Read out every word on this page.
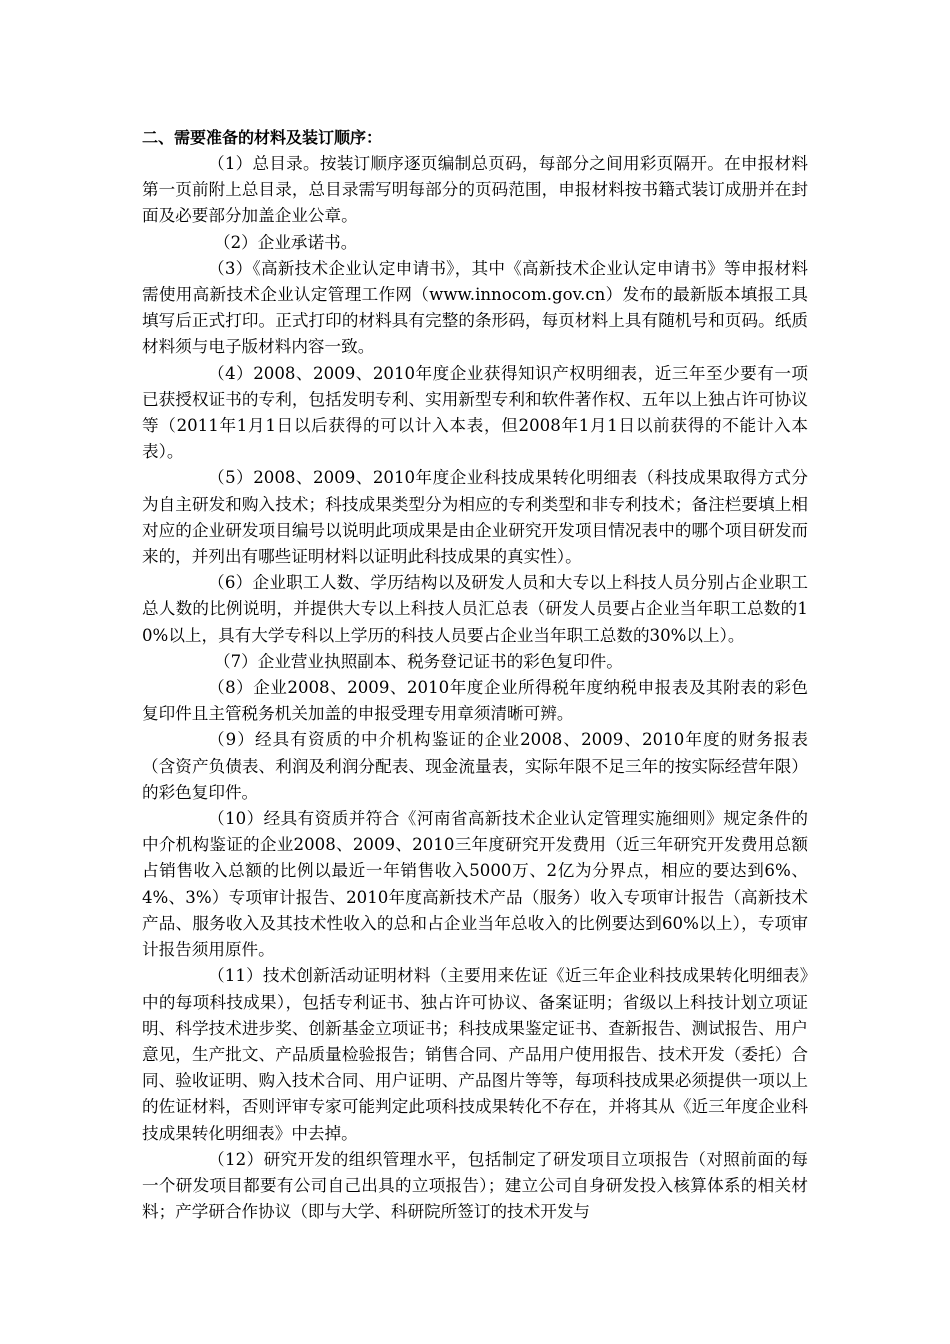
二、需要准备的材料及装订顺序：

（1）总目录。按装订顺序逐页编制总页码，每部分之间用彩页隔开。在申报材料第一页前附上总目录，总目录需写明每部分的页码范围，申报材料按书籍式装订成册并在封面及必要部分加盖企业公章。

（2）企业承诺书。

（3）《高新技术企业认定申请书》，其中《高新技术企业认定申请书》等申报材料需使用高新技术企业认定管理工作网（www.innocom.gov.cn）发布的最新版本填报工具填写后正式打印。正式打印的材料具有完整的条形码，每页材料上具有随机号和页码。纸质材料须与电子版材料内容一致。

（4）2008、2009、2010年度企业获得知识产权明细表，近三年至少要有一项已获授权证书的专利，包括发明专利、实用新型专利和软件著作权、五年以上独占许可协议等（2011年1月1日以后获得的可以计入本表，但2008年1月1日以前获得的不能计入本表）。

（5）2008、2009、2010年度企业科技成果转化明细表（科技成果取得方式分为自主研发和购入技术；科技成果类型分为相应的专利类型和非专利技术；备注栏要填上相对应的企业研发项目编号以说明此项成果是由企业研究开发项目情况表中的哪个项目研发而来的，并列出有哪些证明材料以证明此科技成果的真实性）。

（6）企业职工人数、学历结构以及研发人员和大专以上科技人员分别占企业职工总人数的比例说明，并提供大专以上科技人员汇总表（研发人员要占企业当年职工总数的10%以上，具有大学专科以上学历的科技人员要占企业当年职工总数的30%以上）。

（7）企业营业执照副本、税务登记证书的彩色复印件。

（8）企业2008、2009、2010年度企业所得税年度纳税申报表及其附表的彩色复印件且主管税务机关加盖的申报受理专用章须清晰可辨。

（9）经具有资质的中介机构鉴证的企业2008、2009、2010年度的财务报表（含资产负债表、利润及利润分配表、现金流量表，实际年限不足三年的按实际经营年限）的彩色复印件。

（10）经具有资质并符合《河南省高新技术企业认定管理实施细则》规定条件的中介机构鉴证的企业2008、2009、2010三年度研究开发费用（近三年研究开发费用总额占销售收入总额的比例以最近一年销售收入5000万、2亿为分界点，相应的要达到6%、4%、3%）专项审计报告、2010年度高新技术产品（服务）收入专项审计报告（高新技术产品、服务收入及其技术性收入的总和占企业当年总收入的比例要达到60%以上），专项审计报告须用原件。

（11）技术创新活动证明材料（主要用来佐证《近三年企业科技成果转化明细表》中的每项科技成果），包括专利证书、独占许可协议、备案证明；省级以上科技计划立项证明、科学技术进步奖、创新基金立项证书；科技成果鉴定证书、查新报告、测试报告、用户意见，生产批文、产品质量检验报告；销售合同、产品用户使用报告、技术开发（委托）合同、验收证明、购入技术合同、用户证明、产品图片等等，每项科技成果必须提供一项以上的佐证材料，否则评审专家可能判定此项科技成果转化不存在，并将其从《近三年度企业科技成果转化明细表》中去掉。

（12）研究开发的组织管理水平，包括制定了研发项目立项报告（对照前面的每一个研发项目都要有公司自己出具的立项报告）；建立公司自身研发投入核算体系的相关材料；产学研合作协议（即与大学、科研院所签订的技术开发与
